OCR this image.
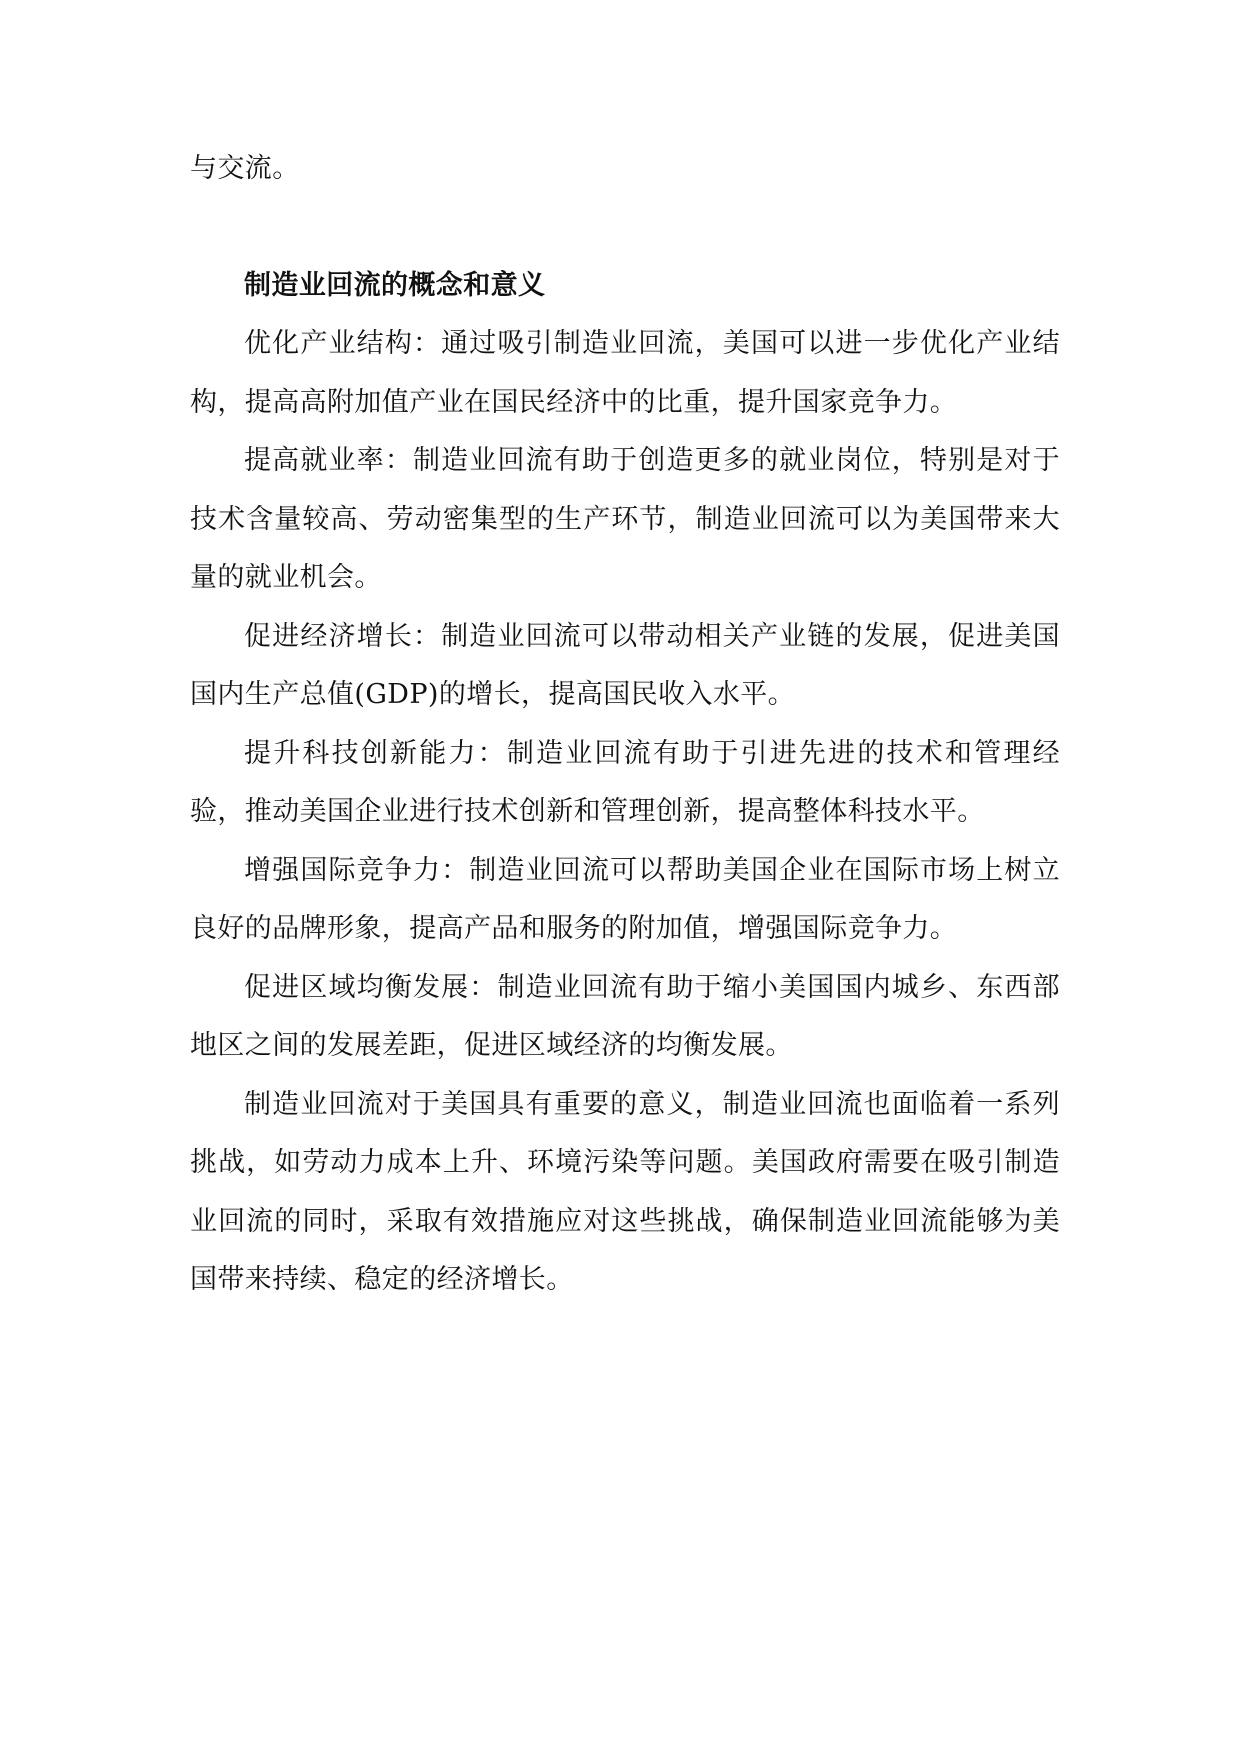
与交流。

制造业回流的概念和意义

优化产业结构：通过吸引制造业回流，美国可以进一步优化产业结构，提高高附加值产业在国民经济中的比重，提升国家竞争力。

提高就业率：制造业回流有助于创造更多的就业岗位，特别是对于技术含量较高、劳动密集型的生产环节，制造业回流可以为美国带来大量的就业机会。

促进经济增长：制造业回流可以带动相关产业链的发展，促进美国国内生产总值(GDP)的增长，提高国民收入水平。

提升科技创新能力：制造业回流有助于引进先进的技术和管理经验，推动美国企业进行技术创新和管理创新，提高整体科技水平。

增强国际竞争力：制造业回流可以帮助美国企业在国际市场上树立良好的品牌形象，提高产品和服务的附加值，增强国际竞争力。

促进区域均衡发展：制造业回流有助于缩小美国国内城乡、东西部地区之间的发展差距，促进区域经济的均衡发展。

制造业回流对于美国具有重要的意义，制造业回流也面临着一系列挑战，如劳动力成本上升、环境污染等问题。美国政府需要在吸引制造业回流的同时，采取有效措施应对这些挑战，确保制造业回流能够为美国带来持续、稳定的经济增长。
